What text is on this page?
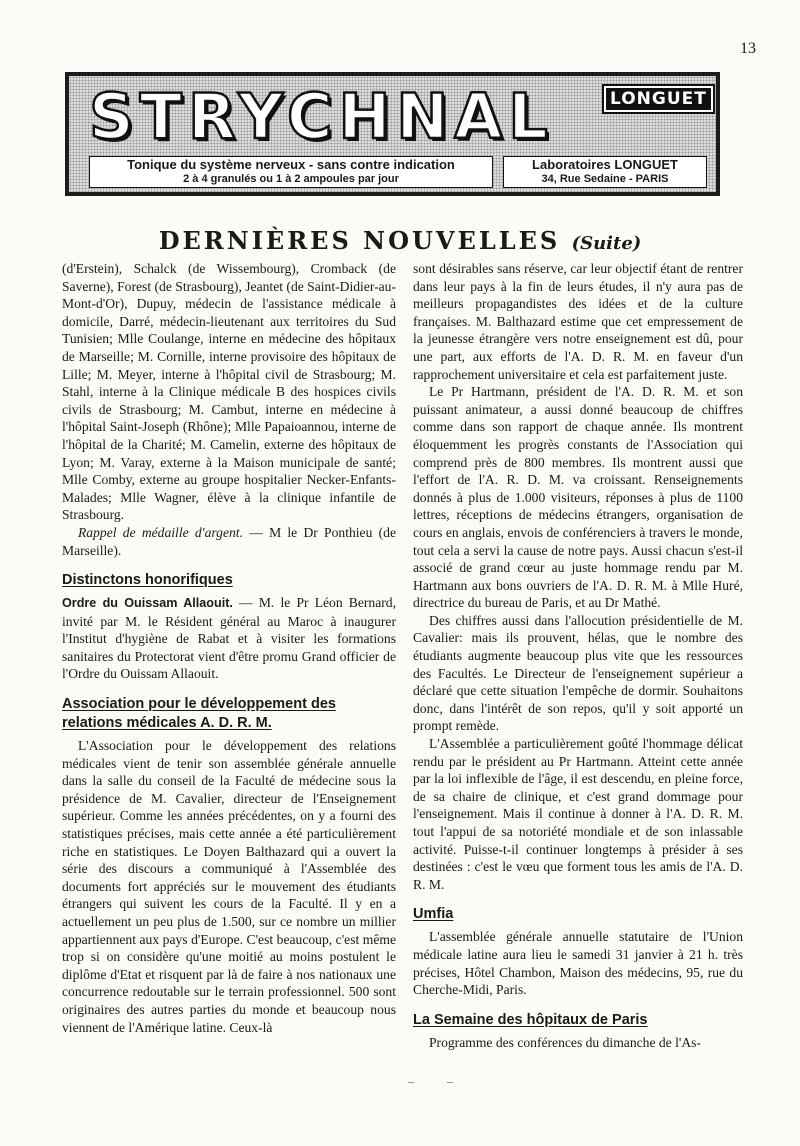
13
STRYCHNAL	LONGUET
Tonique du système nerveux - sans contre indication
2 à 4 granulés ou 1 à 2 ampoules par jour
Laboratoires LONGUET
34, Rue Sedaine - PARIS
DERNIÈRES NOUVELLES (Suite)

(d'Erstein), Schalck (de Wissembourg), Cromback (de Saverne), Forest (de Strasbourg), Jeantet (de Saint-Didier-au-Mont-d'Or), Dupuy, médecin de l'assistance médicale à domicile, Darré, médecin-lieutenant aux territoires du Sud Tunisien; Mlle Coulange, interne en médecine des hôpitaux de Marseille; M. Cornille, interne provisoire des hôpitaux de Lille; M. Meyer, interne à l'hôpital civil de Strasbourg; M. Stahl, interne à la Clinique médicale B des hospices civils civils de Strasbourg; M. Cambut, interne en médecine à l'hôpital Saint-Joseph (Rhône); Mlle Papaioannou, interne de l'hôpital de la Charité; M. Camelin, externe des hôpitaux de Lyon; M. Varay, externe à la Maison municipale de santé; Mlle Comby, externe au groupe hospitalier Necker-Enfants-Malades; Mlle Wagner, élève à la clinique infantile de Strasbourg.

Rappel de médaille d'argent. — M le Dr Ponthieu (de Marseille).

Distinctons honorifiques

Ordre du Ouissam Allaouit. — M. le Pr Léon Bernard, invité par M. le Résident général au Maroc à inaugurer l'Institut d'hygiène de Rabat et à visiter les formations sanitaires du Protectorat vient d'être promu Grand officier de l'Ordre du Ouissam Allaouit.

Association pour le développement des relations médicales A. D. R. M.

L'Association pour le développement des relations médicales vient de tenir son assemblée générale annuelle dans la salle du conseil de la Faculté de médecine sous la présidence de M. Cavalier, directeur de l'Enseignement supérieur. Comme les années précédentes, on y a fourni des statistiques précises, mais cette année a été particulièrement riche en statistiques. Le Doyen Balthazard qui a ouvert la série des discours a communiqué à l'Assemblée des documents fort appréciés sur le mouvement des étudiants étrangers qui suivent les cours de la Faculté. Il y en a actuellement un peu plus de 1.500, sur ce nombre un millier appartiennent aux pays d'Europe. C'est beaucoup, c'est même trop si on considère qu'une moitié au moins postulent le diplôme d'Etat et risquent par là de faire à nos nationaux une concurrence redoutable sur le terrain professionnel. 500 sont originaires des autres parties du monde et beaucoup nous viennent de l'Amérique latine. Ceux-là

sont désirables sans réserve, car leur objectif étant de rentrer dans leur pays à la fin de leurs études, il n'y aura pas de meilleurs propagandistes des idées et de la culture françaises. M. Balthazard estime que cet empressement de la jeunesse étrangère vers notre enseignement est dû, pour une part, aux efforts de l'A. D. R. M. en faveur d'un rapprochement universitaire et cela est parfaitement juste.

Le Pr Hartmann, président de l'A. D. R. M. et son puissant animateur, a aussi donné beaucoup de chiffres comme dans son rapport de chaque année. Ils montrent éloquemment les progrès constants de l'Association qui comprend près de 800 membres. Ils montrent aussi que l'effort de l'A. R. D. M. va croissant. Renseignements donnés à plus de 1.000 visiteurs, réponses à plus de 1100 lettres, réceptions de médecins étrangers, organisation de cours en anglais, envois de conférenciers à travers le monde, tout cela a servi la cause de notre pays. Aussi chacun s'est-il associé de grand cœur au juste hommage rendu par M. Hartmann aux bons ouvriers de l'A. D. R. M. à Mlle Huré, directrice du bureau de Paris, et au Dr Mathé.

Des chiffres aussi dans l'allocution présidentielle de M. Cavalier: mais ils prouvent, hélas, que le nombre des étudiants augmente beaucoup plus vite que les ressources des Facultés. Le Directeur de l'enseignement supérieur a déclaré que cette situation l'empêche de dormir. Souhaitons donc, dans l'intérêt de son repos, qu'il y soit apporté un prompt remède.

L'Assemblée a particulièrement goûté l'hommage délicat rendu par le président au Pr Hartmann. Atteint cette année par la loi inflexible de l'âge, il est descendu, en pleine force, de sa chaire de clinique, et c'est grand dommage pour l'enseignement. Mais il continue à donner à l'A. D. R. M. tout l'appui de sa notoriété mondiale et de son inlassable activité. Puisse-t-il continuer longtemps à présider à ses destinées : c'est le vœu que forment tous les amis de l'A. D. R. M.

Umfia

L'assemblée générale annuelle statutaire de l'Union médicale latine aura lieu le samedi 31 janvier à 21 h. très précises, Hôtel Chambon, Maison des médecins, 95, rue du Cherche-Midi, Paris.

La Semaine des hôpitaux de Paris

Programme des conférences du dimanche de l'As-

–   –
